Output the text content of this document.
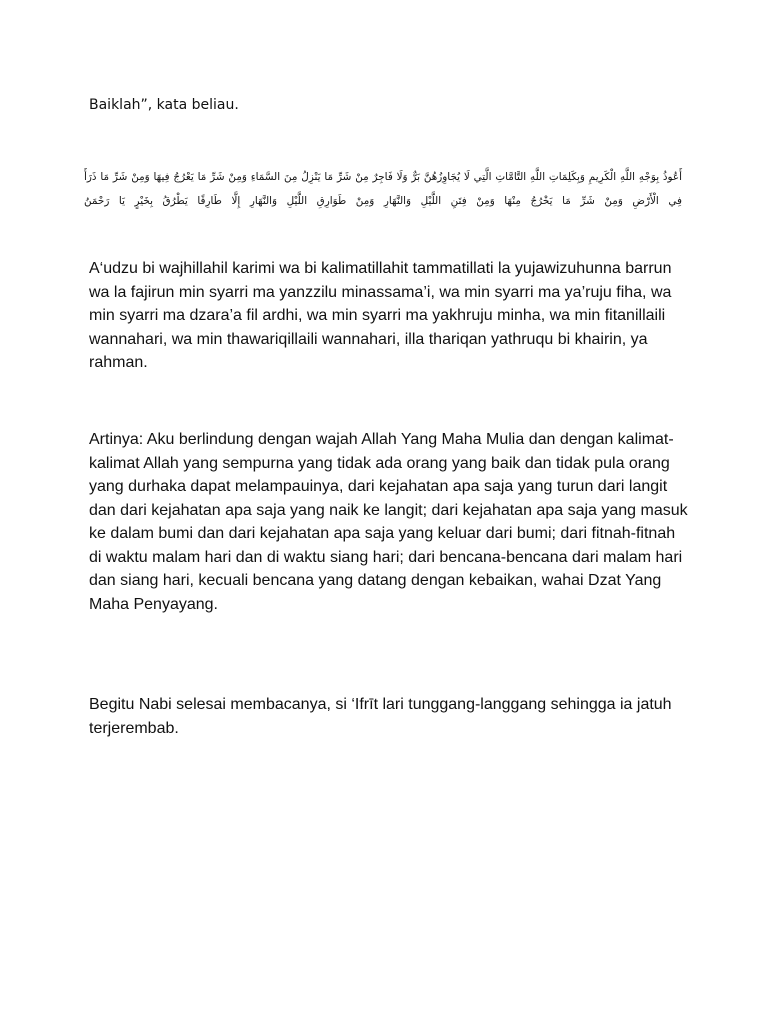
Baiklah”, kata beliau.

أَعُوذُ بِوَجْهِ اللَّهِ الْكَرِيمِ وَبِكَلِمَاتِ اللَّهِ التَّامَّاتِ الَّتِي لَا يُجَاوِزُهُنَّ بَرٌّ وَلَا فَاجِرٌ مِنْ شَرِّ مَا يَنْزِلُ مِنَ السَّمَاءِ وَمِنْ شَرِّ مَا يَعْرُجُ فِيهَا وَمِنْ شَرِّ مَا ذَرَأَ فِي الْأَرْضِ وَمِنْ شَرِّ مَا يَخْرُجُ مِنْهَا وَمِنْ فِتَنِ اللَّيْلِ وَالنَّهَارِ وَمِنْ طَوَارِقِ اللَّيْلِ وَالنَّهَارِ إِلَّا طَارِقًا يَطْرُقُ بِخَيْرٍ يَا رَحْمَنُ

A‘udzu bi wajhillahil karimi wa bi kalimatillahit tammatillati la yujawizuhunna barrun wa la fajirun min syarri ma yanzzilu minassama’i, wa min syarri ma ya’ruju fiha, wa min syarri ma dzara’a fil ardhi, wa min syarri ma yakhruju minha, wa min fitanillaili wannahari, wa min thawariqillaili wannahari, illa thariqan yathruqu bi khairin, ya rahman.

Artinya: Aku berlindung dengan wajah Allah Yang Maha Mulia dan dengan kalimat-kalimat Allah yang sempurna yang tidak ada orang yang baik dan tidak pula orang yang durhaka dapat melampauinya, dari kejahatan apa saja yang turun dari langit dan dari kejahatan apa saja yang naik ke langit; dari kejahatan apa saja yang masuk ke dalam bumi dan dari kejahatan apa saja yang keluar dari bumi; dari fitnah-fitnah di waktu malam hari dan di waktu siang hari; dari bencana-bencana dari malam hari dan siang hari, kecuali bencana yang datang dengan kebaikan, wahai Dzat Yang Maha Penyayang.

Begitu Nabi selesai membacanya, si ‘Ifrīt lari tunggang-langgang sehingga ia jatuh terjerembab.
